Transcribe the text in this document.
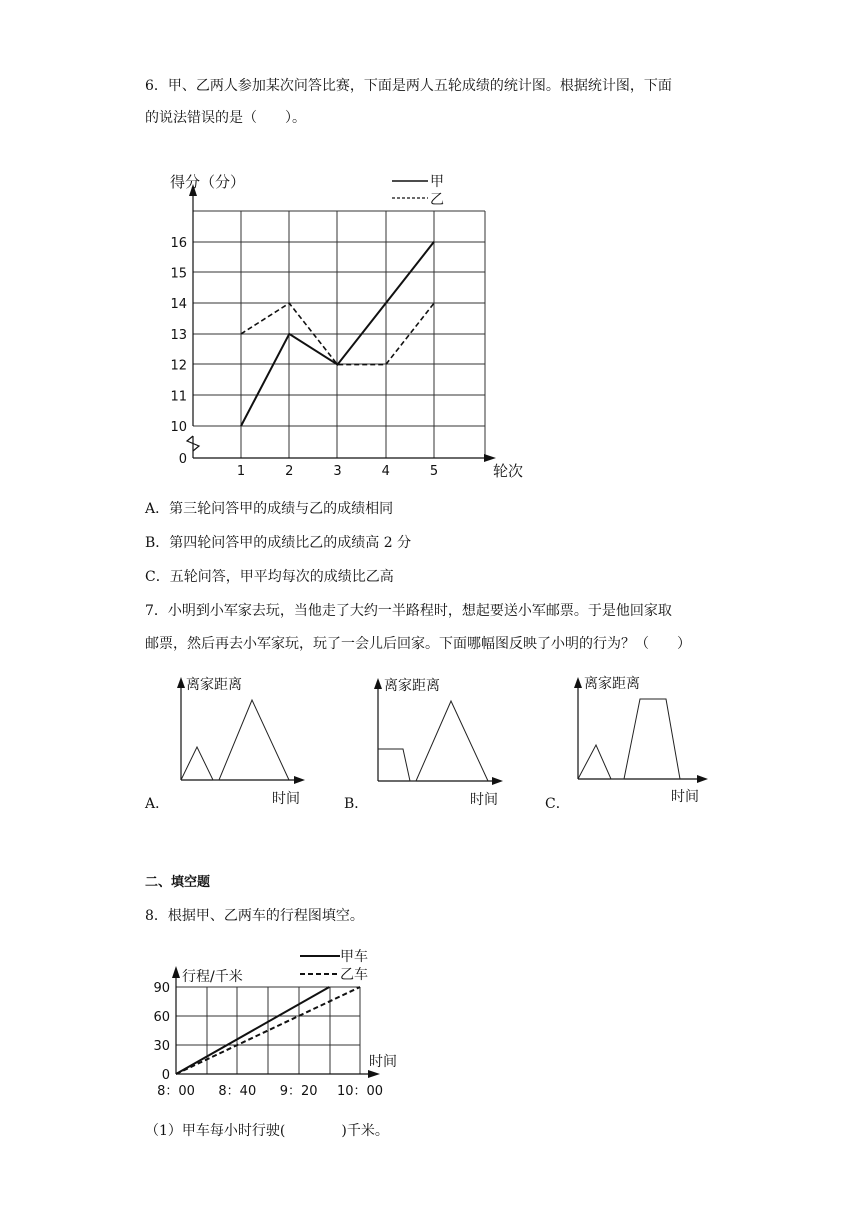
6．甲、乙两人参加某次问答比赛，下面是两人五轮成绩的统计图。根据统计图，下面
的说法错误的是（　　）。
得分（分）
轮次
甲
乙
0
10
11
12
13
14
15
16
1	2	3	4	5
A．第三轮问答甲的成绩与乙的成绩相同
B．第四轮问答甲的成绩比乙的成绩高 2 分
C．五轮问答，甲平均每次的成绩比乙高
7．小明到小军家去玩，当他走了大约一半路程时，想起要送小军邮票。于是他回家取
邮票，然后再去小军家玩，玩了一会儿后回家。下面哪幅图反映了小明的行为？（　　）
离家距离
时间
离家距离
时间
离家距离
时间
A．	B．	C．
二、填空题
8．根据甲、乙两车的行程图填空。
行程/千米
时间
甲车
乙车
0
30
60
90
8：00 8：40 9：20 10：00
（1）甲车每小时行驶(　　　　)千米。
